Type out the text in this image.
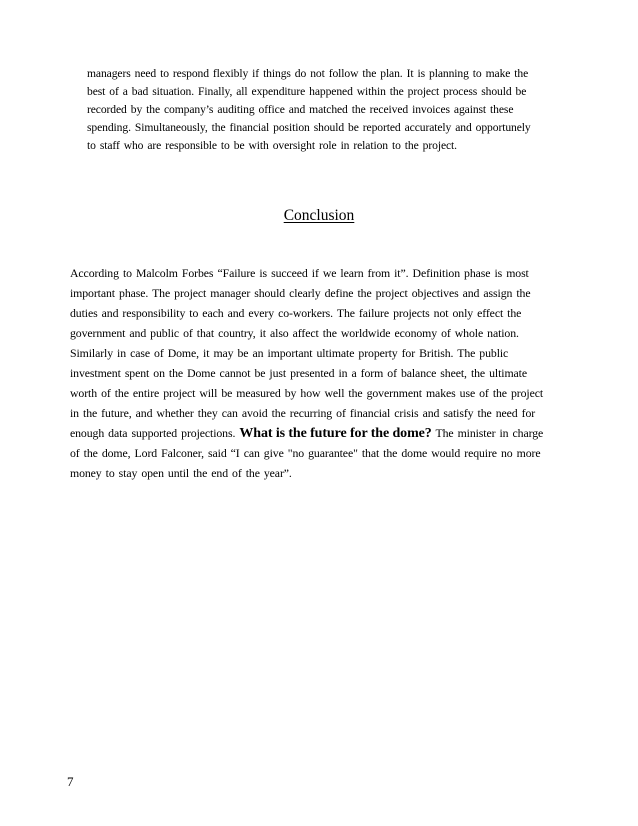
managers need to respond flexibly if things do not follow the plan. It is planning to make the
best of a bad situation. Finally, all expenditure happened within the project process should be
recorded by the company’s auditing office and matched the received invoices against these
spending. Simultaneously, the financial position should be reported accurately and opportunely
to staff who are responsible to be with oversight role in relation to the project.
Conclusion
According to Malcolm Forbes “Failure is succeed if we learn from it”. Definition phase is most
important phase. The project manager should clearly define the project objectives and assign the
duties and responsibility to each and every co-workers. The failure projects not only effect the
government and public of that country, it also affect the worldwide economy of whole nation.
Similarly in case of Dome, it may be an important ultimate property for British. The public
investment spent on the Dome cannot be just presented in a form of balance sheet, the ultimate
worth of the entire project will be measured by how well the government makes use of the project
in the future, and whether they can avoid the recurring of financial crisis and satisfy the need for
enough data supported projections. What is the future for the dome? The minister in charge
of the dome, Lord Falconer, said “I can give "no guarantee" that the dome would require no more
money to stay open until the end of the year”.
7
